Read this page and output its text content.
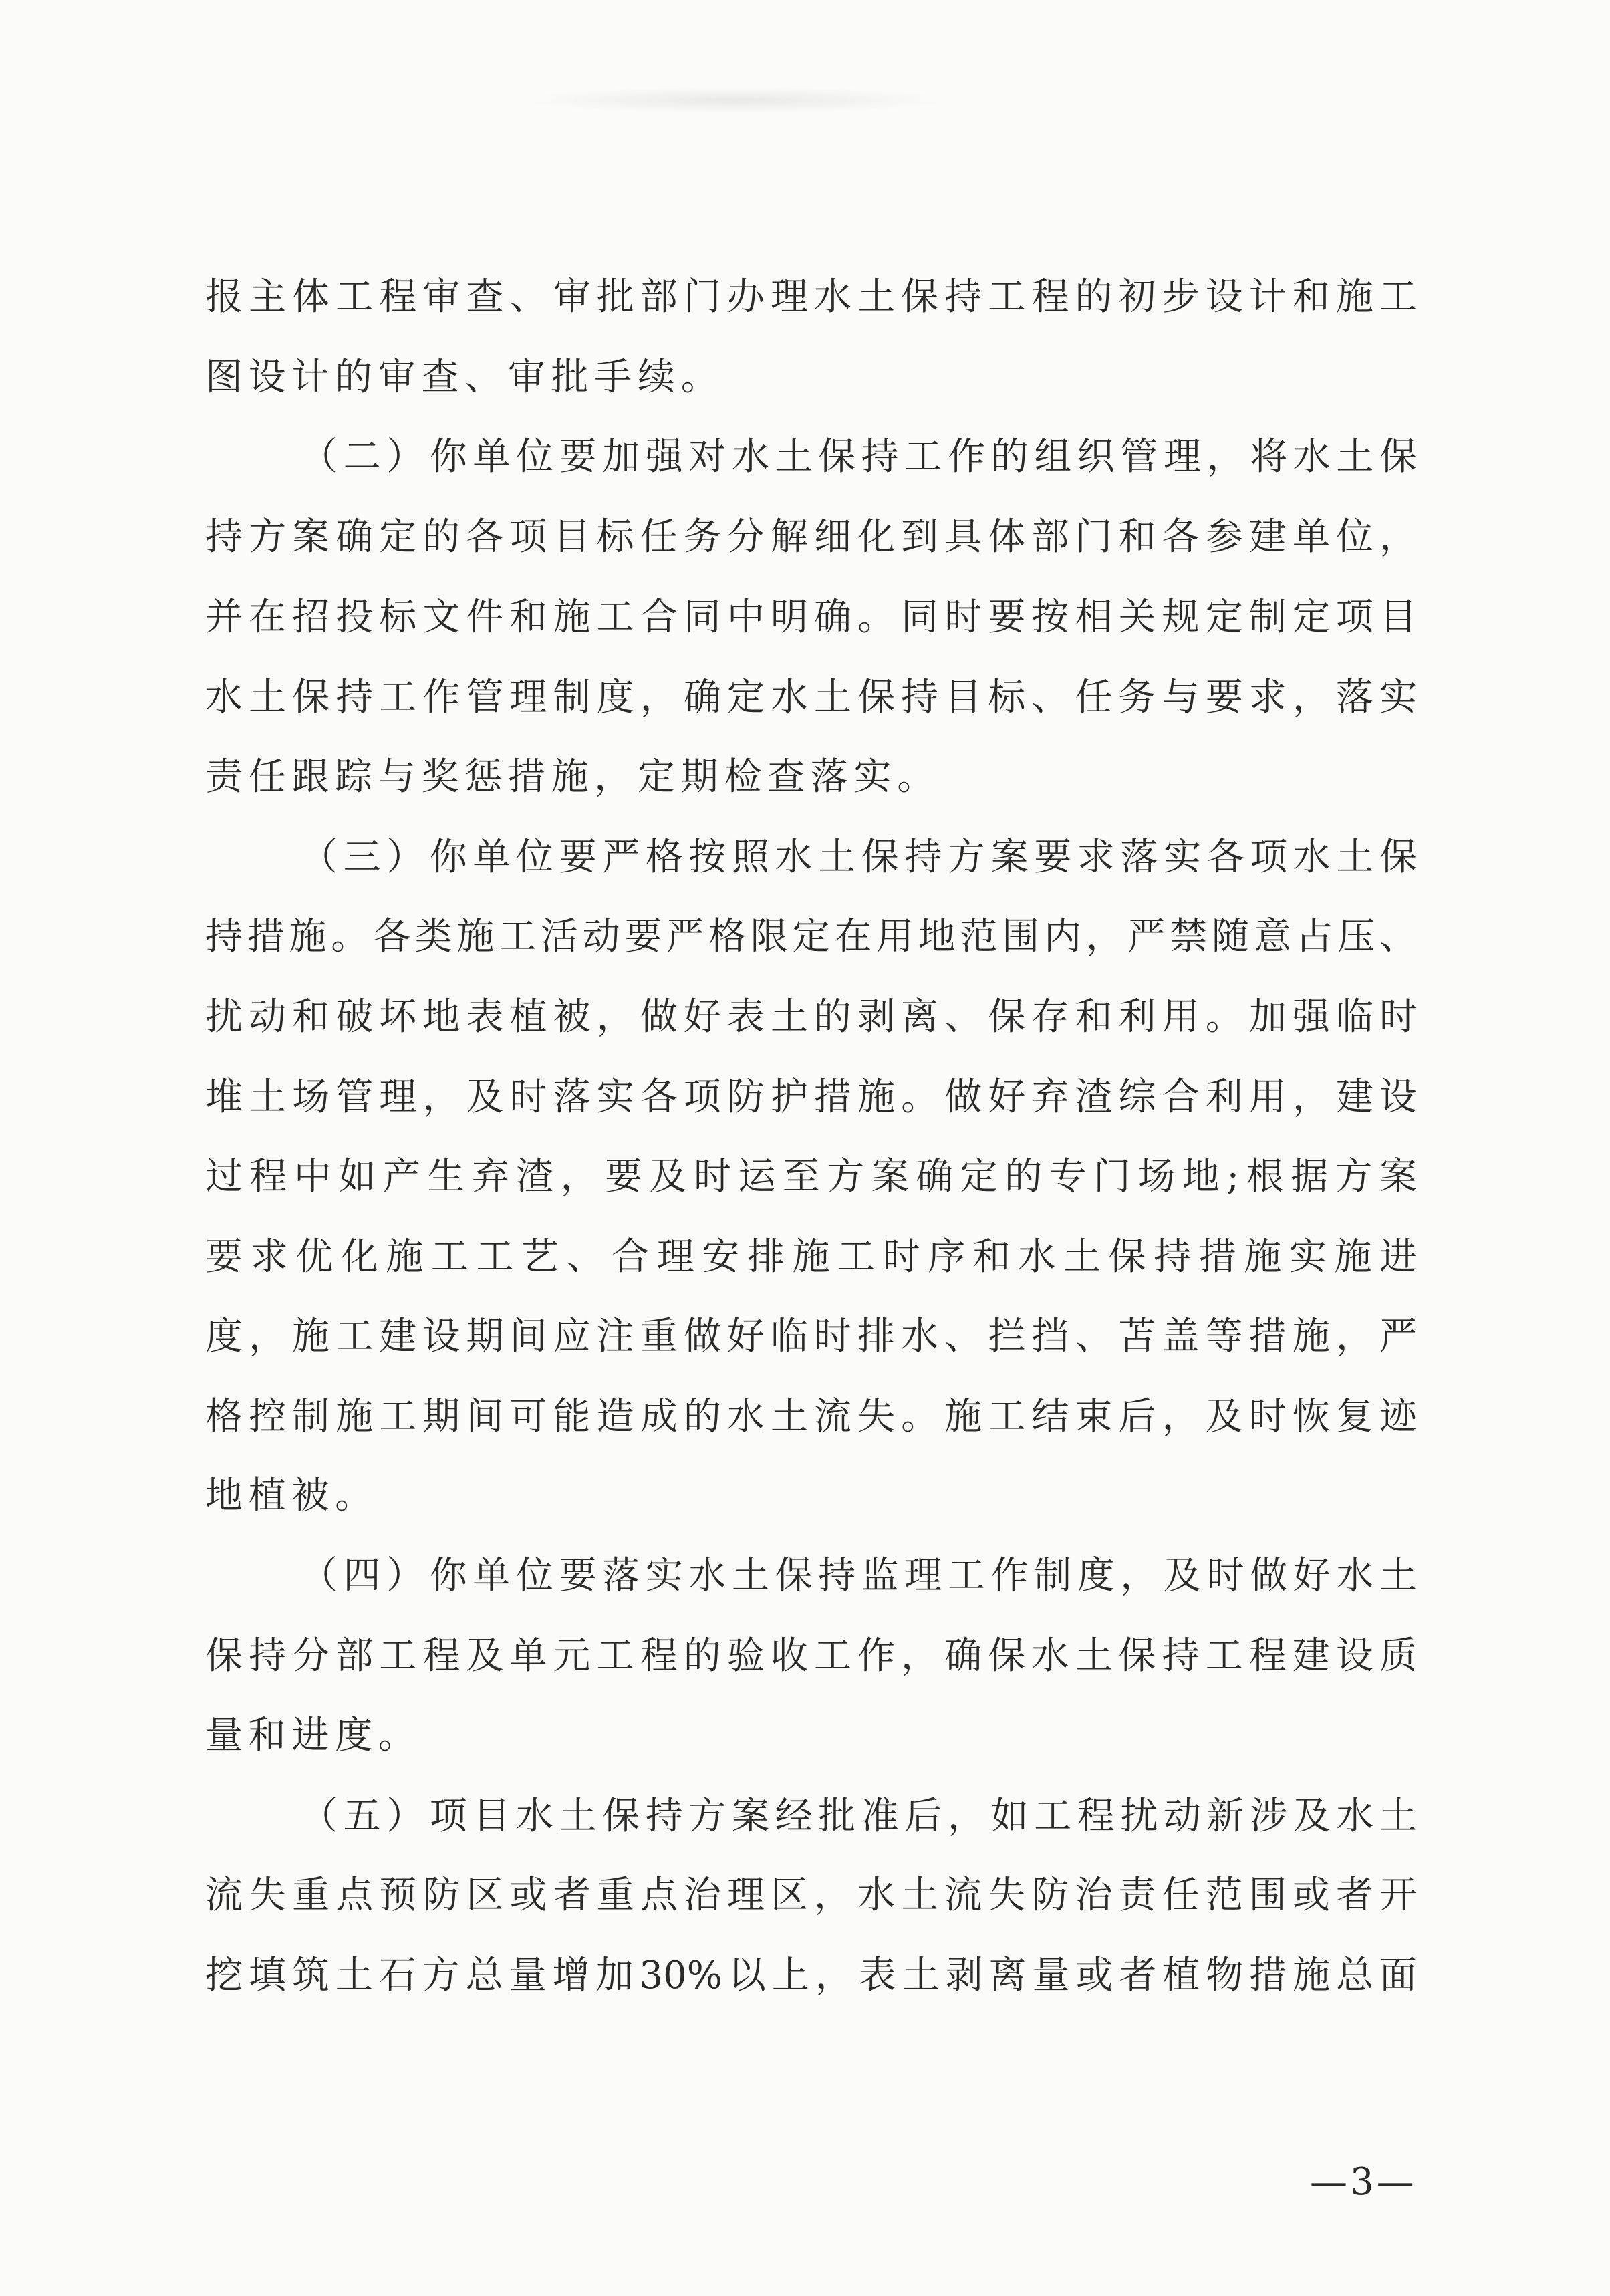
报主体工程审查、审批部门办理水土保持工程的初步设计和施工
图设计的审查、审批手续。
（二）你单位要加强对水土保持工作的组织管理，将水土保
持方案确定的各项目标任务分解细化到具体部门和各参建单位，
并在招投标文件和施工合同中明确。同时要按相关规定制定项目
水土保持工作管理制度，确定水土保持目标、任务与要求，落实
责任跟踪与奖惩措施，定期检查落实。
（三）你单位要严格按照水土保持方案要求落实各项水土保
持措施。各类施工活动要严格限定在用地范围内，严禁随意占压、
扰动和破坏地表植被，做好表土的剥离、保存和利用。加强临时
堆土场管理，及时落实各项防护措施。做好弃渣综合利用，建设
过程中如产生弃渣，要及时运至方案确定的专门场地;根据方案
要求优化施工工艺、合理安排施工时序和水土保持措施实施进
度，施工建设期间应注重做好临时排水、拦挡、苫盖等措施，严
格控制施工期间可能造成的水土流失。施工结束后，及时恢复迹
地植被。
（四）你单位要落实水土保持监理工作制度，及时做好水土
保持分部工程及单元工程的验收工作，确保水土保持工程建设质
量和进度。
（五）项目水土保持方案经批准后，如工程扰动新涉及水土
流失重点预防区或者重点治理区，水土流失防治责任范围或者开
挖填筑土石方总量增加30%以上，表土剥离量或者植物措施总面
—3—
